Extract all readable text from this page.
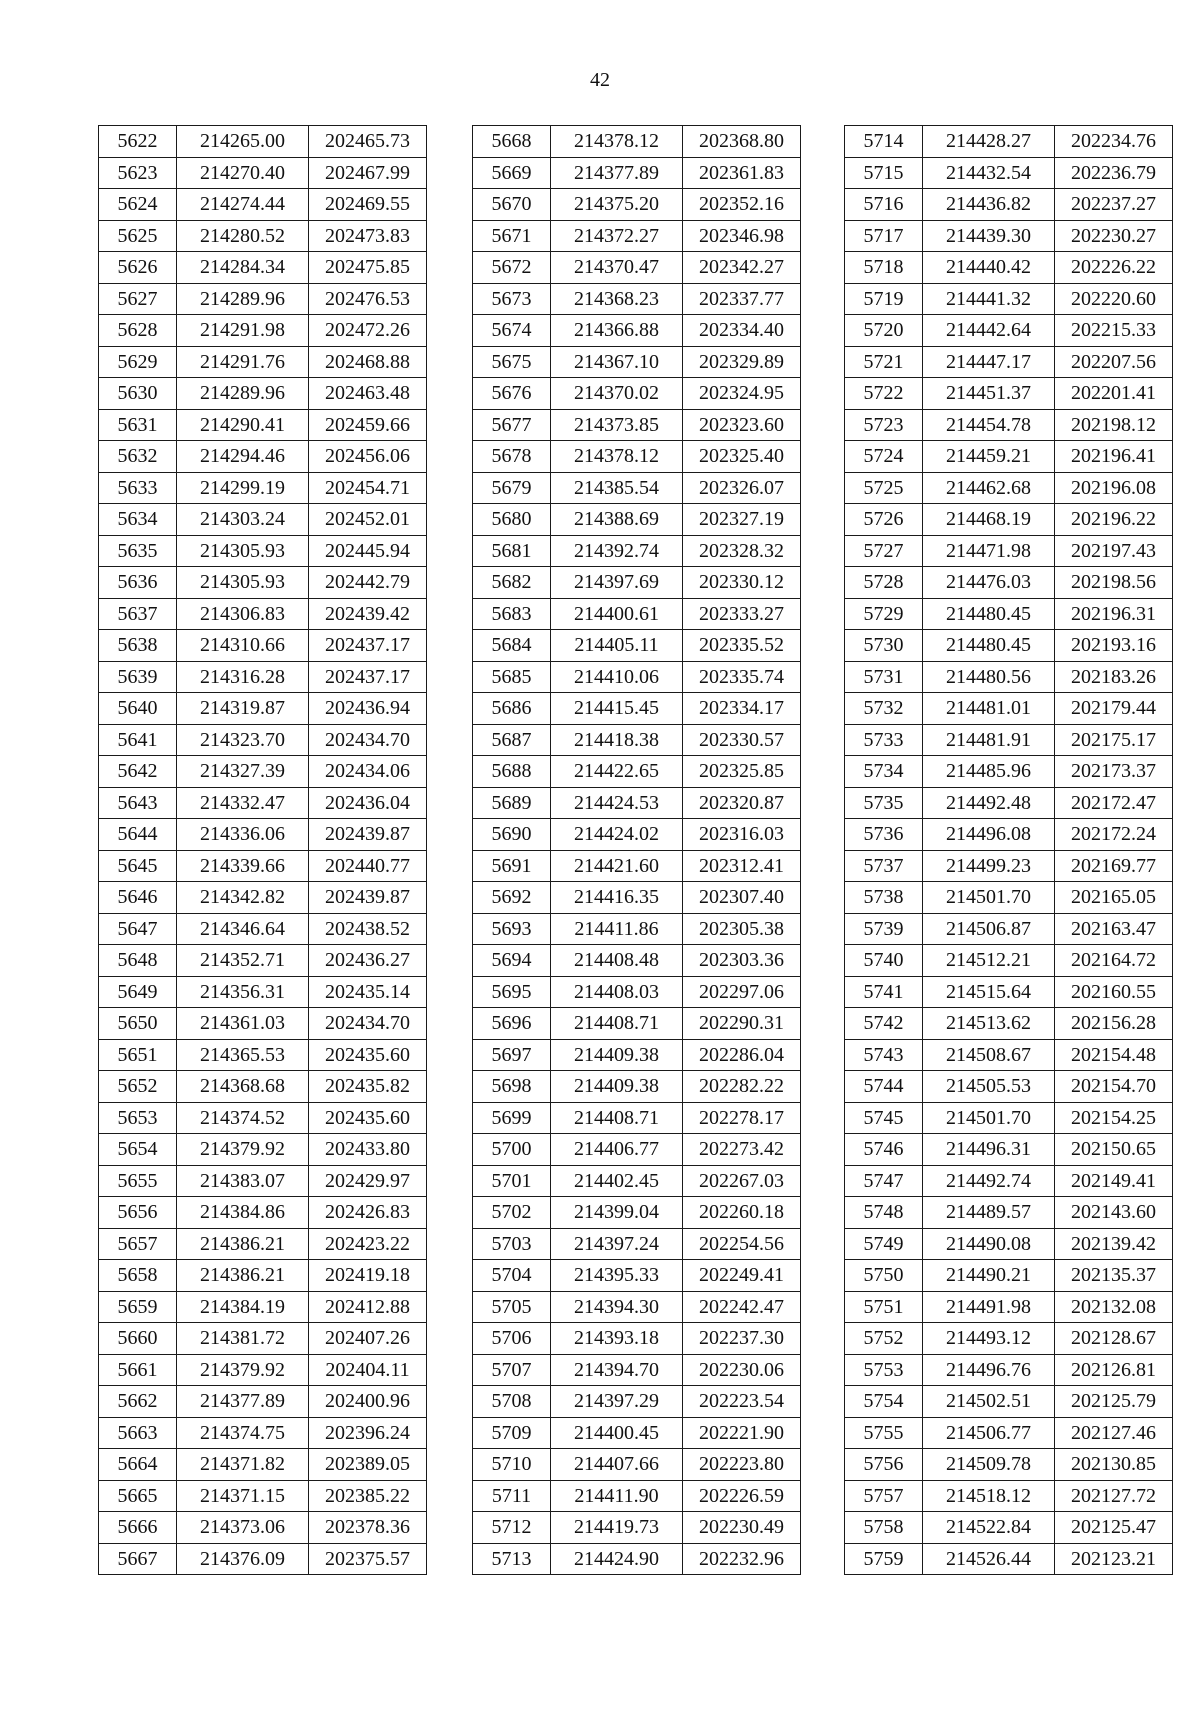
42
5622	214265.00	202465.73
5623	214270.40	202467.99
5624	214274.44	202469.55
5625	214280.52	202473.83
5626	214284.34	202475.85
5627	214289.96	202476.53
5628	214291.98	202472.26
5629	214291.76	202468.88
5630	214289.96	202463.48
5631	214290.41	202459.66
5632	214294.46	202456.06
5633	214299.19	202454.71
5634	214303.24	202452.01
5635	214305.93	202445.94
5636	214305.93	202442.79
5637	214306.83	202439.42
5638	214310.66	202437.17
5639	214316.28	202437.17
5640	214319.87	202436.94
5641	214323.70	202434.70
5642	214327.39	202434.06
5643	214332.47	202436.04
5644	214336.06	202439.87
5645	214339.66	202440.77
5646	214342.82	202439.87
5647	214346.64	202438.52
5648	214352.71	202436.27
5649	214356.31	202435.14
5650	214361.03	202434.70
5651	214365.53	202435.60
5652	214368.68	202435.82
5653	214374.52	202435.60
5654	214379.92	202433.80
5655	214383.07	202429.97
5656	214384.86	202426.83
5657	214386.21	202423.22
5658	214386.21	202419.18
5659	214384.19	202412.88
5660	214381.72	202407.26
5661	214379.92	202404.11
5662	214377.89	202400.96
5663	214374.75	202396.24
5664	214371.82	202389.05
5665	214371.15	202385.22
5666	214373.06	202378.36
5667	214376.09	202375.57
5668	214378.12	202368.80
5669	214377.89	202361.83
5670	214375.20	202352.16
5671	214372.27	202346.98
5672	214370.47	202342.27
5673	214368.23	202337.77
5674	214366.88	202334.40
5675	214367.10	202329.89
5676	214370.02	202324.95
5677	214373.85	202323.60
5678	214378.12	202325.40
5679	214385.54	202326.07
5680	214388.69	202327.19
5681	214392.74	202328.32
5682	214397.69	202330.12
5683	214400.61	202333.27
5684	214405.11	202335.52
5685	214410.06	202335.74
5686	214415.45	202334.17
5687	214418.38	202330.57
5688	214422.65	202325.85
5689	214424.53	202320.87
5690	214424.02	202316.03
5691	214421.60	202312.41
5692	214416.35	202307.40
5693	214411.86	202305.38
5694	214408.48	202303.36
5695	214408.03	202297.06
5696	214408.71	202290.31
5697	214409.38	202286.04
5698	214409.38	202282.22
5699	214408.71	202278.17
5700	214406.77	202273.42
5701	214402.45	202267.03
5702	214399.04	202260.18
5703	214397.24	202254.56
5704	214395.33	202249.41
5705	214394.30	202242.47
5706	214393.18	202237.30
5707	214394.70	202230.06
5708	214397.29	202223.54
5709	214400.45	202221.90
5710	214407.66	202223.80
5711	214411.90	202226.59
5712	214419.73	202230.49
5713	214424.90	202232.96
5714	214428.27	202234.76
5715	214432.54	202236.79
5716	214436.82	202237.27
5717	214439.30	202230.27
5718	214440.42	202226.22
5719	214441.32	202220.60
5720	214442.64	202215.33
5721	214447.17	202207.56
5722	214451.37	202201.41
5723	214454.78	202198.12
5724	214459.21	202196.41
5725	214462.68	202196.08
5726	214468.19	202196.22
5727	214471.98	202197.43
5728	214476.03	202198.56
5729	214480.45	202196.31
5730	214480.45	202193.16
5731	214480.56	202183.26
5732	214481.01	202179.44
5733	214481.91	202175.17
5734	214485.96	202173.37
5735	214492.48	202172.47
5736	214496.08	202172.24
5737	214499.23	202169.77
5738	214501.70	202165.05
5739	214506.87	202163.47
5740	214512.21	202164.72
5741	214515.64	202160.55
5742	214513.62	202156.28
5743	214508.67	202154.48
5744	214505.53	202154.70
5745	214501.70	202154.25
5746	214496.31	202150.65
5747	214492.74	202149.41
5748	214489.57	202143.60
5749	214490.08	202139.42
5750	214490.21	202135.37
5751	214491.98	202132.08
5752	214493.12	202128.67
5753	214496.76	202126.81
5754	214502.51	202125.79
5755	214506.77	202127.46
5756	214509.78	202130.85
5757	214518.12	202127.72
5758	214522.84	202125.47
5759	214526.44	202123.21
